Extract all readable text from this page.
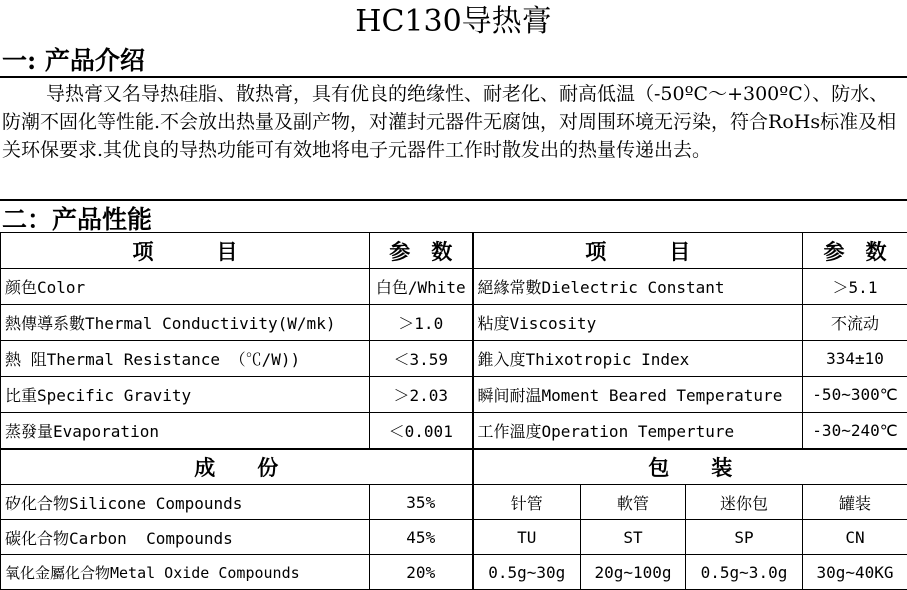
HC130导热膏
一: 产品介绍

导热膏又名导热硅脂、散热膏，具有优良的绝缘性、耐老化、耐高低温（-50ºC～+300ºC）、防水、防潮不固化等性能.不会放出热量及副产物，对灌封元器件无腐蚀，对周围环境无污染，符合RoHs标准及相关环保要求.其优良的导热功能可有效地将电子元器件工作时散发出的热量传递出去。

二：产品性能
项　　　目	参　数	项　　　目	参　数
颜色Color	白色/White	絕緣常數Dielectric Constant	＞5.1
熱傳導系數Thermal Conductivity(W/mk)	＞1.0	粘度Viscosity	不流动
熱 阻Thermal Resistance （℃/W))	＜3.59	錐入度Thixotropic Index	334±10
比重Specific Gravity	＞2.03	瞬间耐温Moment Beared Temperature	-50~300℃
蒸發量Evaporation	＜0.001	工作溫度Operation Temperture	-30~240℃
成　　份		包　　装			
矽化合物Silicone Compounds	35%	针管	軟管	迷你包	罐装
碳化合物Carbon  Compounds	45%	TU	ST	SP	CN
氧化金屬化合物Metal Oxide Compounds	20%	0.5g~30g	20g~100g	0.5g~3.0g	30g~40KG
